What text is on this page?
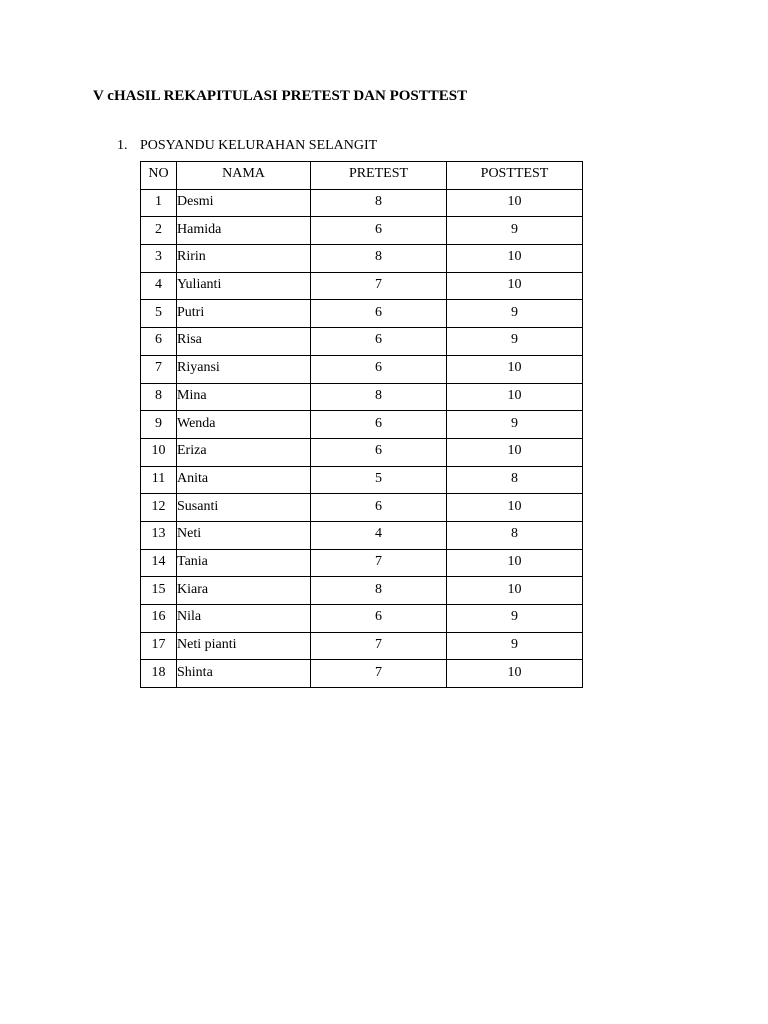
V cHASIL REKAPITULASI PRETEST DAN POSTTEST
1. POSYANDU KELURAHAN SELANGIT
NO	NAMA	PRETEST	POSTTEST
1	Desmi	8	10
2	Hamida	6	9
3	Ririn	8	10
4	Yulianti	7	10
5	Putri	6	9
6	Risa	6	9
7	Riyansi	6	10
8	Mina	8	10
9	Wenda	6	9
10	Eriza	6	10
11	Anita	5	8
12	Susanti	6	10
13	Neti	4	8
14	Tania	7	10
15	Kiara	8	10
16	Nila	6	9
17	Neti pianti	7	9
18	Shinta	7	10
